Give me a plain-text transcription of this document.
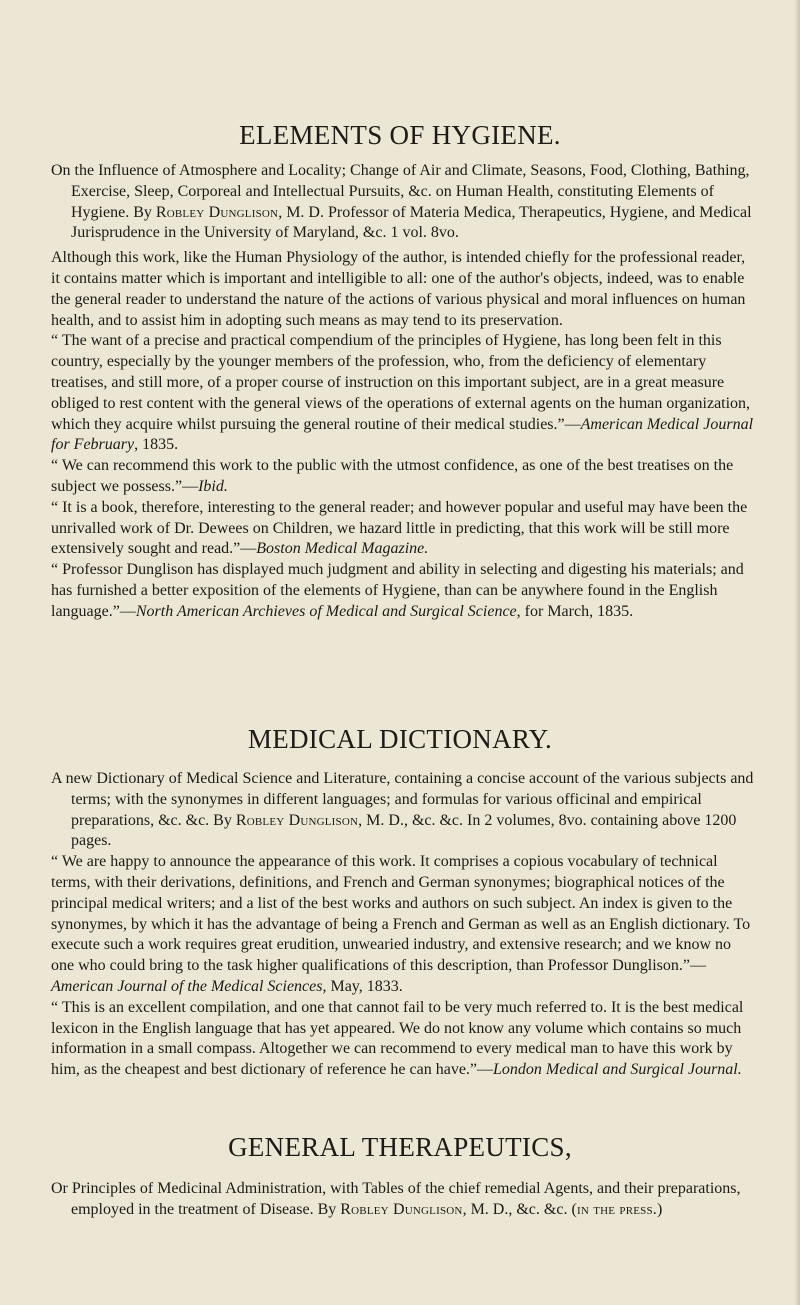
ELEMENTS OF HYGIENE.

On the Influence of Atmosphere and Locality; Change of Air and Climate, Seasons, Food, Clothing, Bathing, Exercise, Sleep, Corporeal and Intellectual Pursuits, &c. on Human Health, constituting Elements of Hygiene. By Robley Dunglison, M. D. Professor of Materia Medica, Therapeutics, Hygiene, and Medical Jurisprudence in the University of Maryland, &c. 1 vol. 8vo.

Although this work, like the Human Physiology of the author, is intended chiefly for the professional reader, it contains matter which is important and intelligible to all: one of the author's objects, indeed, was to enable the general reader to understand the nature of the actions of various physical and moral influences on human health, and to assist him in adopting such means as may tend to its preservation.

“ The want of a precise and practical compendium of the principles of Hygiene, has long been felt in this country, especially by the younger members of the profession, who, from the deficiency of elementary treatises, and still more, of a proper course of instruction on this important subject, are in a great measure obliged to rest content with the general views of the operations of external agents on the human organization, which they acquire whilst pursuing the general routine of their medical studies.”—American Medical Journal for February, 1835.

“ We can recommend this work to the public with the utmost confidence, as one of the best treatises on the subject we possess.”—Ibid.

“ It is a book, therefore, interesting to the general reader; and however popular and useful may have been the unrivalled work of Dr. Dewees on Children, we hazard little in predicting, that this work will be still more extensively sought and read.”—Boston Medical Magazine.

“ Professor Dunglison has displayed much judgment and ability in selecting and digesting his materials; and has furnished a better exposition of the elements of Hygiene, than can be anywhere found in the English language.”—North American Archieves of Medical and Surgical Science, for March, 1835.

MEDICAL DICTIONARY.

A new Dictionary of Medical Science and Literature, containing a concise account of the various subjects and terms; with the synonymes in different languages; and formulas for various officinal and empirical preparations, &c. &c. By Robley Dunglison, M. D., &c. &c. In 2 volumes, 8vo. containing above 1200 pages.

“ We are happy to announce the appearance of this work. It comprises a copious vocabulary of technical terms, with their derivations, definitions, and French and German synonymes; biographical notices of the principal medical writers; and a list of the best works and authors on such subject. An index is given to the synonymes, by which it has the advantage of being a French and German as well as an English dictionary. To execute such a work requires great erudition, unwearied industry, and extensive research; and we know no one who could bring to the task higher qualifications of this description, than Professor Dunglison.”—American Journal of the Medical Sciences, May, 1833.

“ This is an excellent compilation, and one that cannot fail to be very much referred to. It is the best medical lexicon in the English language that has yet appeared. We do not know any volume which contains so much information in a small compass. Altogether we can recommend to every medical man to have this work by him, as the cheapest and best dictionary of reference he can have.”—London Medical and Surgical Journal.

GENERAL THERAPEUTICS,

Or Principles of Medicinal Administration, with Tables of the chief remedial Agents, and their preparations, employed in the treatment of Disease. By Robley Dunglison, M. D., &c. &c. (in the press.)
